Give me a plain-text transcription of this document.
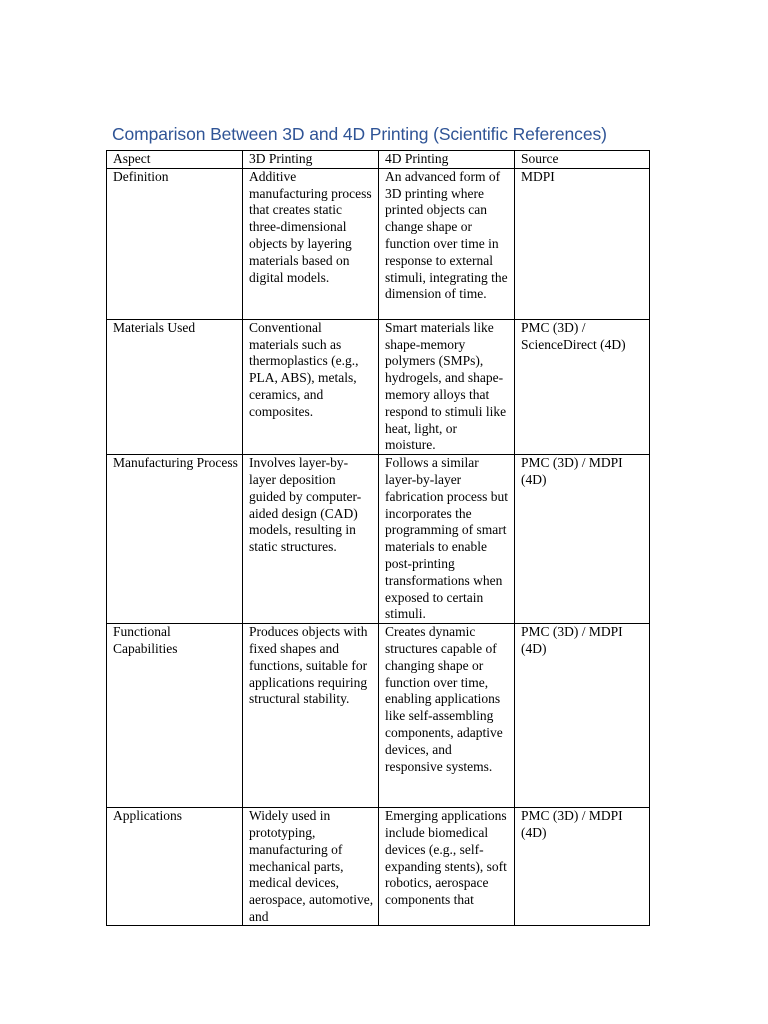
Comparison Between 3D and 4D Printing (Scientific References)
Aspect	3D Printing	4D Printing	Source
Definition	Additive manufacturing process that creates static three-dimensional objects by layering materials based on digital models.	An advanced form of 3D printing where printed objects can change shape or function over time in response to external stimuli, integrating the dimension of time.	MDPI
Materials Used	Conventional materials such as thermoplastics (e.g., PLA, ABS), metals, ceramics, and composites.	Smart materials like shape-memory polymers (SMPs), hydrogels, and shape-memory alloys that respond to stimuli like heat, light, or moisture.	PMC (3D) / ScienceDirect (4D)
Manufacturing Process	Involves layer-by-layer deposition guided by computer-aided design (CAD) models, resulting in static structures.	Follows a similar layer-by-layer fabrication process but incorporates the programming of smart materials to enable post-printing transformations when exposed to certain stimuli.	PMC (3D) / MDPI (4D)
Functional Capabilities	Produces objects with fixed shapes and functions, suitable for applications requiring structural stability.	Creates dynamic structures capable of changing shape or function over time, enabling applications like self-assembling components, adaptive devices, and responsive systems.	PMC (3D) / MDPI (4D)

Applications	Widely used in prototyping, manufacturing of mechanical parts, medical devices, aerospace, automotive, and	Emerging applications include biomedical devices (e.g., self-expanding stents), soft robotics, aerospace components that	PMC (3D) / MDPI (4D)
